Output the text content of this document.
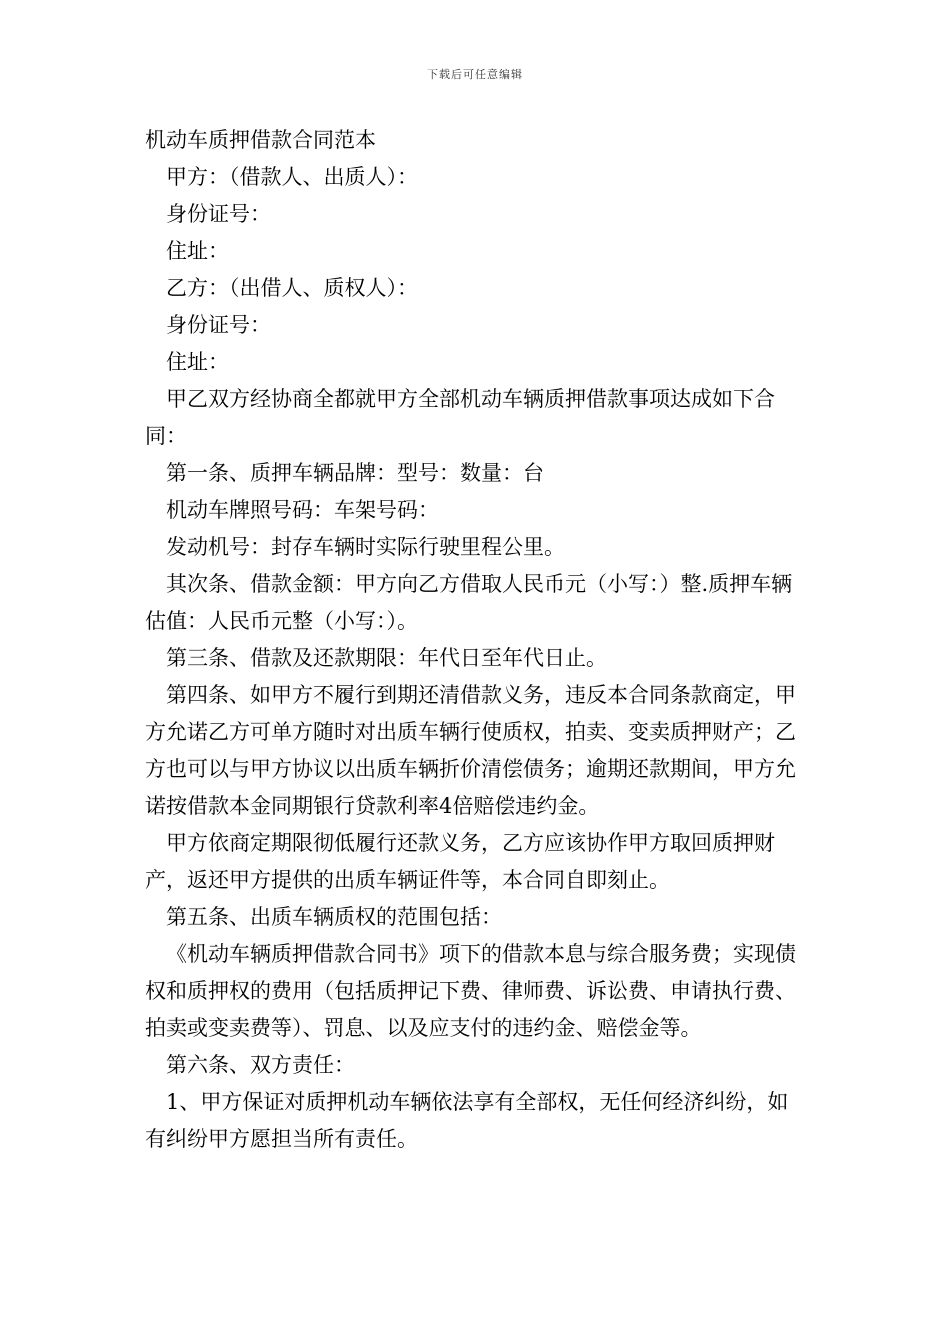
下载后可任意编辑

机动车质押借款合同范本

甲方：（借款人、出质人）：

身份证号：

住址：

乙方：（出借人、质权人）：

身份证号：

住址：

甲乙双方经协商全都就甲方全部机动车辆质押借款事项达成如下合同：

第一条、质押车辆品牌：型号：数量：台

机动车牌照号码：车架号码：

发动机号：封存车辆时实际行驶里程公里。

其次条、借款金额：甲方向乙方借取人民币元（小写：）整.质押车辆估值：人民币元整（小写：）。

第三条、借款及还款期限：年代日至年代日止。

第四条、如甲方不履行到期还清借款义务，违反本合同条款商定，甲方允诺乙方可单方随时对出质车辆行使质权，拍卖、变卖质押财产；乙方也可以与甲方协议以出质车辆折价清偿债务；逾期还款期间，甲方允诺按借款本金同期银行贷款利率4倍赔偿违约金。

甲方依商定期限彻低履行还款义务，乙方应该协作甲方取回质押财产，返还甲方提供的出质车辆证件等，本合同自即刻止。

第五条、出质车辆质权的范围包括：

《机动车辆质押借款合同书》项下的借款本息与综合服务费；实现债权和质押权的费用（包括质押记下费、律师费、诉讼费、申请执行费、拍卖或变卖费等）、罚息、以及应支付的违约金、赔偿金等。

第六条、双方责任：

1、甲方保证对质押机动车辆依法享有全部权，无任何经济纠纷，如有纠纷甲方愿担当所有责任。
